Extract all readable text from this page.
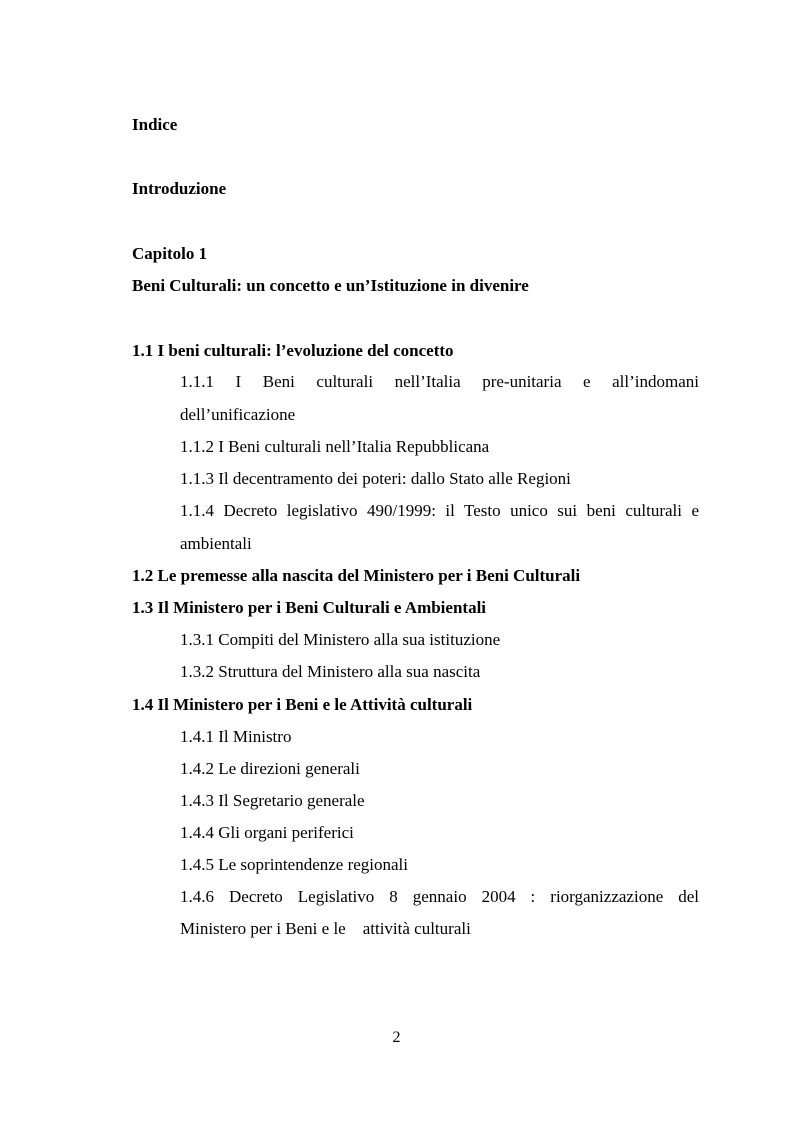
Indice
Introduzione
Capitolo 1
Beni Culturali: un concetto e un’Istituzione in divenire
1.1 I beni culturali: l’evoluzione del concetto
1.1.1 I Beni culturali nell’Italia pre-unitaria e all’indomani
dell’unificazione
1.1.2 I Beni culturali nell’Italia Repubblicana
1.1.3 Il decentramento dei poteri: dallo Stato alle Regioni
1.1.4 Decreto legislativo 490/1999: il Testo unico sui beni culturali e
ambientali
1.2 Le premesse alla nascita del Ministero per i Beni Culturali
1.3 Il Ministero per i Beni Culturali e Ambientali
1.3.1 Compiti del Ministero alla sua istituzione
1.3.2 Struttura del Ministero alla sua nascita
1.4 Il Ministero per i Beni e le Attività culturali
1.4.1 Il Ministro
1.4.2 Le direzioni generali
1.4.3 Il Segretario generale
1.4.4 Gli organi periferici
1.4.5 Le soprintendenze regionali
1.4.6 Decreto Legislativo 8 gennaio 2004 : riorganizzazione del
Ministero per i Beni e le    attività culturali
2
